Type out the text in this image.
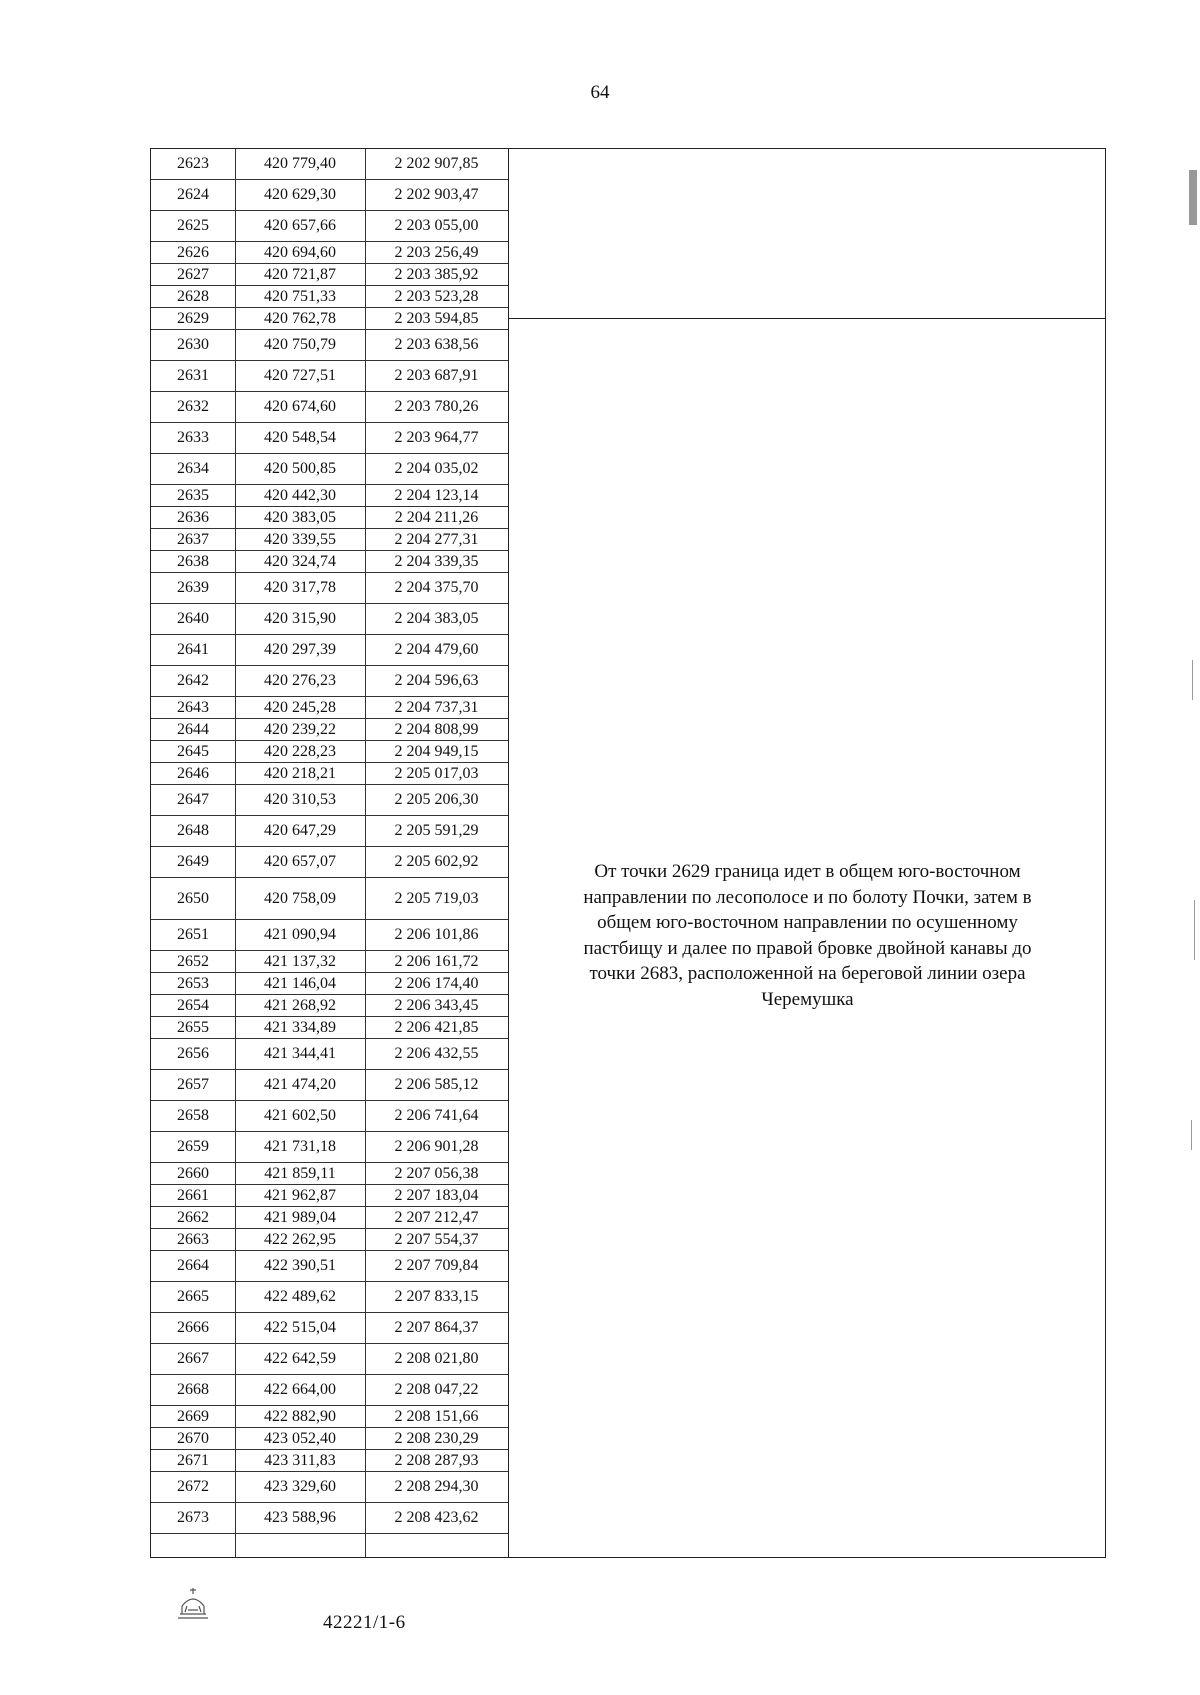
64
2623	420 779,40	2 202 907,85
2624	420 629,30	2 202 903,47
2625	420 657,66	2 203 055,00
2626	420 694,60	2 203 256,49
2627	420 721,87	2 203 385,92
2628	420 751,33	2 203 523,28
2629	420 762,78	2 203 594,85
2630	420 750,79	2 203 638,56
2631	420 727,51	2 203 687,91
2632	420 674,60	2 203 780,26
2633	420 548,54	2 203 964,77
2634	420 500,85	2 204 035,02
2635	420 442,30	2 204 123,14
2636	420 383,05	2 204 211,26
2637	420 339,55	2 204 277,31
2638	420 324,74	2 204 339,35
2639	420 317,78	2 204 375,70
2640	420 315,90	2 204 383,05
2641	420 297,39	2 204 479,60
2642	420 276,23	2 204 596,63
2643	420 245,28	2 204 737,31
2644	420 239,22	2 204 808,99
2645	420 228,23	2 204 949,15
2646	420 218,21	2 205 017,03
2647	420 310,53	2 205 206,30
2648	420 647,29	2 205 591,29
2649	420 657,07	2 205 602,92
2650	420 758,09	2 205 719,03
2651	421 090,94	2 206 101,86
2652	421 137,32	2 206 161,72
2653	421 146,04	2 206 174,40
2654	421 268,92	2 206 343,45
2655	421 334,89	2 206 421,85
2656	421 344,41	2 206 432,55
2657	421 474,20	2 206 585,12
2658	421 602,50	2 206 741,64
2659	421 731,18	2 206 901,28
2660	421 859,11	2 207 056,38
2661	421 962,87	2 207 183,04
2662	421 989,04	2 207 212,47
2663	422 262,95	2 207 554,37
2664	422 390,51	2 207 709,84
2665	422 489,62	2 207 833,15
2666	422 515,04	2 207 864,37
2667	422 642,59	2 208 021,80
2668	422 664,00	2 208 047,22
2669	422 882,90	2 208 151,66
2670	423 052,40	2 208 230,29
2671	423 311,83	2 208 287,93
2672	423 329,60	2 208 294,30
2673	423 588,96	2 208 423,62
От точки 2629 граница идет в общем юго-восточном
направлении по лесополосе и по болоту Почки, затем в
общем юго-восточном направлении по осушенному
пастбищу и далее по правой бровке двойной канавы до
точки 2683, расположенной на береговой линии озера
Черемушка
42221/1-6
